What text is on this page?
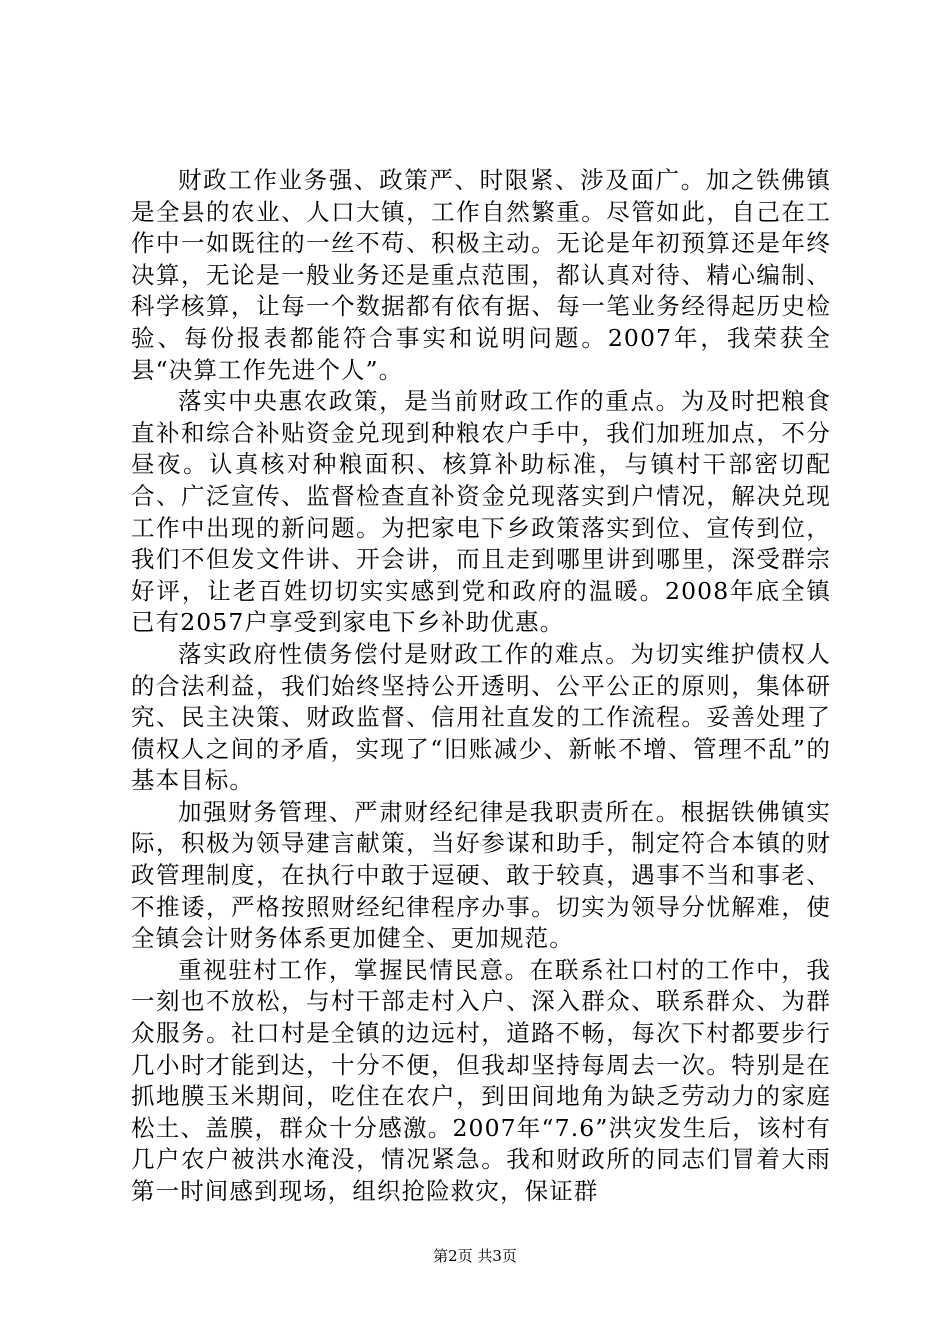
财政工作业务强、政策严、时限紧、涉及面广。加之铁佛镇是全县的农业、人口大镇，工作自然繁重。尽管如此，自己在工作中一如既往的一丝不苟、积极主动。无论是年初预算还是年终决算，无论是一般业务还是重点范围，都认真对待、精心编制、科学核算，让每一个数据都有依有据、每一笔业务经得起历史检验、每份报表都能符合事实和说明问题。2007年，我荣获全县“决算工作先进个人”。

落实中央惠农政策，是当前财政工作的重点。为及时把粮食直补和综合补贴资金兑现到种粮农户手中，我们加班加点，不分昼夜。认真核对种粮面积、核算补助标准，与镇村干部密切配合、广泛宣传、监督检查直补资金兑现落实到户情况，解决兑现工作中出现的新问题。为把家电下乡政策落实到位、宣传到位，我们不但发文件讲、开会讲，而且走到哪里讲到哪里，深受群宗好评，让老百姓切切实实感到党和政府的温暖。2008年底全镇已有2057户享受到家电下乡补助优惠。

落实政府性债务偿付是财政工作的难点。为切实维护债权人的合法利益，我们始终坚持公开透明、公平公正的原则，集体研究、民主决策、财政监督、信用社直发的工作流程。妥善处理了债权人之间的矛盾，实现了“旧账减少、新帐不增、管理不乱”的基本目标。

加强财务管理、严肃财经纪律是我职责所在。根据铁佛镇实际，积极为领导建言献策，当好参谋和助手，制定符合本镇的财政管理制度，在执行中敢于逗硬、敢于较真，遇事不当和事老、不推诿，严格按照财经纪律程序办事。切实为领导分忧解难，使全镇会计财务体系更加健全、更加规范。

重视驻村工作，掌握民情民意。在联系社口村的工作中，我一刻也不放松，与村干部走村入户、深入群众、联系群众、为群众服务。社口村是全镇的边远村，道路不畅，每次下村都要步行几小时才能到达，十分不便，但我却坚持每周去一次。特别是在抓地膜玉米期间，吃住在农户，到田间地角为缺乏劳动力的家庭松土、盖膜，群众十分感激。2007年“7.6”洪灾发生后，该村有几户农户被洪水淹没，情况紧急。我和财政所的同志们冒着大雨第一时间感到现场，组织抢险救灾，保证群

第2页 共3页
